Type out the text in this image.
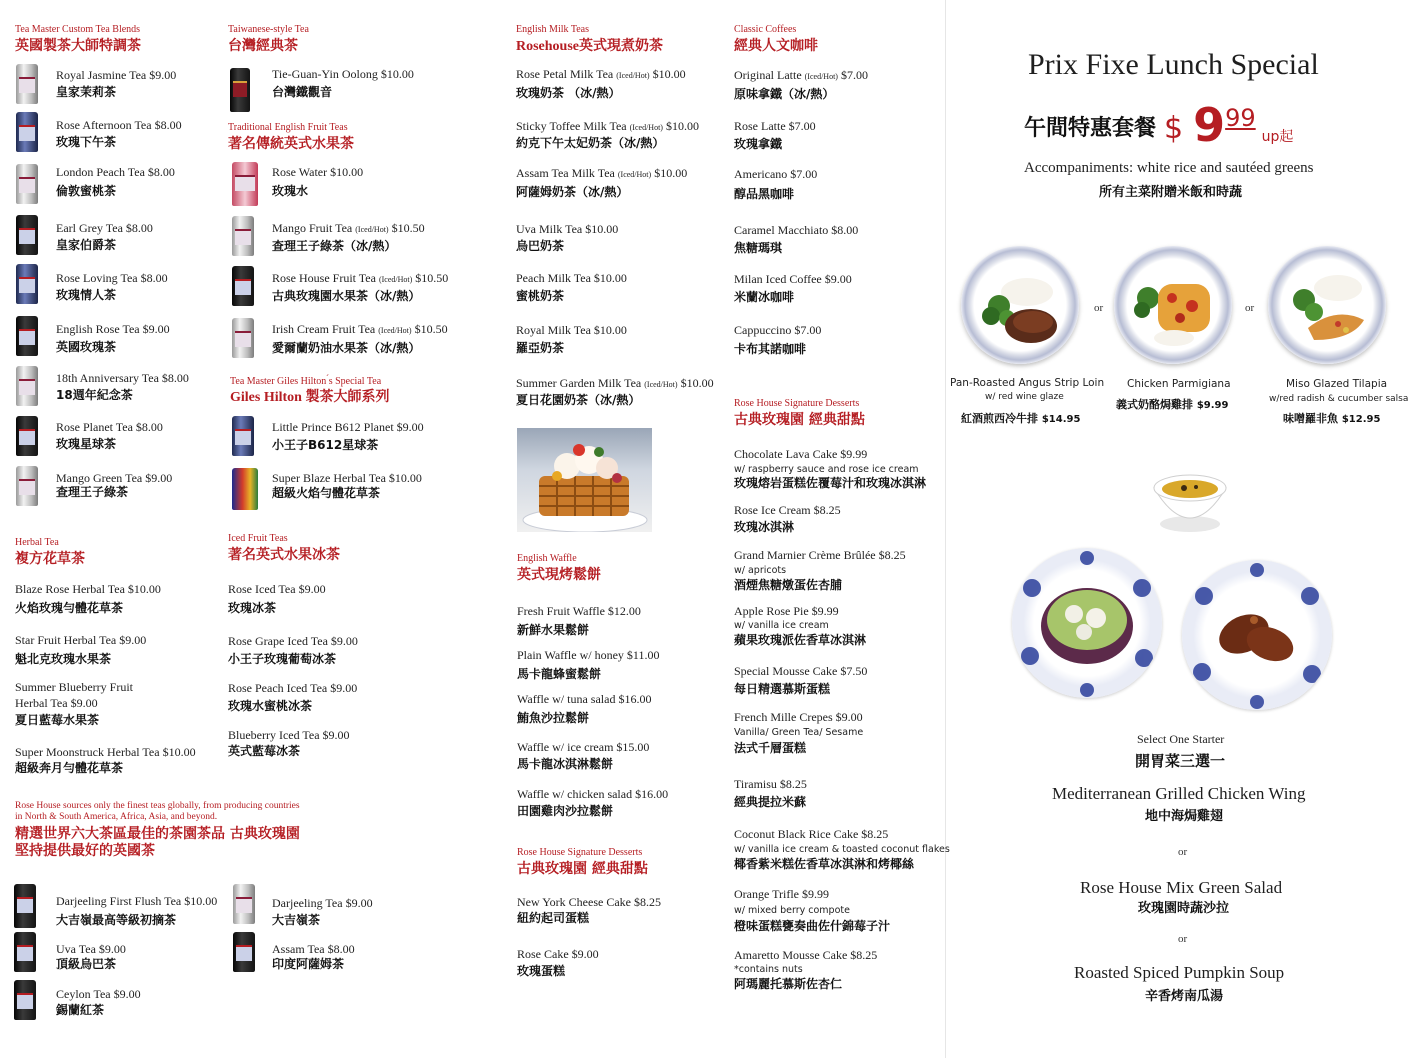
Tea Master Custom Tea Blends
英國製茶大師特調茶
Royal Jasmine Tea $9.00
皇家茉莉茶
Rose Afternoon Tea $8.00
玫瑰下午茶
London Peach Tea $8.00
倫敦蜜桃茶
Earl Grey Tea $8.00
皇家伯爵茶
Rose Loving Tea $8.00
玫瑰情人茶
English Rose Tea $9.00
英國玫瑰茶
18th Anniversary Tea $8.00
18週年紀念茶
Rose Planet Tea $8.00
玫瑰星球茶
Mango Green Tea $9.00
查理王子綠茶
Herbal Tea
複方花草茶
Blaze Rose Herbal Tea $10.00
火焰玫瑰勻體花草茶
Star Fruit Herbal Tea $9.00
魁北克玫瑰水果茶
Summer Blueberry Fruit
Herbal Tea $9.00
夏日藍莓水果茶
Super Moonstruck Herbal Tea $10.00
超級奔月勻體花草茶
Rose House sources only the finest teas globally, from producing countries
in North & South America, Africa, Asia, and beyond.
精選世界六大茶區最佳的茶園茶品 古典玫瑰園
堅持提供最好的英國茶
Darjeeling First Flush Tea $10.00
大吉嶺最高等級初摘茶
Uva Tea $9.00
頂級烏巴茶
Ceylon Tea $9.00
錫蘭紅茶
Taiwanese-style Tea
台灣經典茶
Tie-Guan-Yin Oolong $10.00
台灣鐵觀音
Traditional English Fruit Teas
著名傳統英式水果茶
Rose Water $10.00
玫瑰水
Mango Fruit Tea (Iced/Hot) $10.50
查理王子綠茶（冰/熱）
Rose House Fruit Tea (Iced/Hot) $10.50
古典玫瑰園水果茶（冰/熱）
Irish Cream Fruit Tea (Iced/Hot) $10.50
愛爾蘭奶油水果茶（冰/熱）
Tea Master Giles Hilton ́s Special Tea
Giles Hilton 製茶大師系列
Little Prince B612 Planet $9.00
小王子B612星球茶
Super Blaze Herbal Tea $10.00
超級火焰勻體花草茶
Iced Fruit Teas
著名英式水果冰茶
Rose Iced Tea $9.00
玫瑰冰茶
Rose Grape Iced Tea $9.00
小王子玫瑰葡萄冰茶
Rose Peach Iced Tea $9.00
玫瑰水蜜桃冰茶
Blueberry Iced Tea $9.00
英式藍莓冰茶
Darjeeling Tea $9.00
大吉嶺茶
Assam Tea $8.00
印度阿薩姆茶
English Milk Teas
Rosehouse英式現煮奶茶
Rose Petal Milk Tea (Iced/Hot) $10.00
玫瑰奶茶 （冰/熱）
Sticky Toffee Milk Tea (Iced/Hot) $10.00
約克下午太妃奶茶（冰/熱）
Assam Tea Milk Tea (Iced/Hot) $10.00
阿薩姆奶茶（冰/熱）
Uva Milk Tea $10.00
烏巴奶茶
Peach Milk Tea $10.00
蜜桃奶茶
Royal Milk Tea $10.00
羅亞奶茶
Summer Garden Milk Tea (Iced/Hot) $10.00
夏日花園奶茶（冰/熱）
English Waffle
英式現烤鬆餅
Fresh Fruit Waffle $12.00
新鮮水果鬆餅
Plain Waffle w/ honey $11.00
馬卡龍蜂蜜鬆餅
Waffle w/ tuna salad $16.00
鮪魚沙拉鬆餅
Waffle w/ ice cream $15.00
馬卡龍冰淇淋鬆餅
Waffle w/ chicken salad $16.00
田園雞肉沙拉鬆餅
Rose House Signature Desserts
古典玫瑰園 經典甜點
New York Cheese Cake $8.25
紐約起司蛋糕
Rose Cake $9.00
玫瑰蛋糕
Classic Coffees
經典人文咖啡
Original Latte (Iced/Hot) $7.00
原味拿鐵（冰/熱）
Rose Latte $7.00
玫瑰拿鐵
Americano $7.00
醇品黑咖啡
Caramel Macchiato $8.00
焦糖瑪琪
Milan Iced Coffee $9.00
米蘭冰咖啡
Cappuccino $7.00
卡布其諾咖啡
Rose House Signature Desserts
古典玫瑰園 經典甜點
Chocolate Lava Cake $9.99
w/ raspberry sauce and rose ice cream
玫瑰熔岩蛋糕佐覆莓汁和玫瑰冰淇淋
Rose Ice Cream $8.25
玫瑰冰淇淋
Grand Marnier Crème Brûlée $8.25
w/ apricots
酒煙焦糖燉蛋佐杏脯
Apple Rose Pie $9.99
w/ vanilla ice cream
蘋果玫瑰派佐香草冰淇淋
Special Mousse Cake $7.50
每日精選慕斯蛋糕
French Mille Crepes $9.00
Vanilla/ Green Tea/ Sesame
法式千層蛋糕
Tiramisu $8.25
經典提拉米蘇
Coconut Black Rice Cake $8.25
w/ vanilla ice cream & toasted coconut flakes
椰香紫米糕佐香草冰淇淋和烤椰絲
Orange Trifle $9.99
w/ mixed berry compote
橙味蛋糕甕奏曲佐什錦莓子汁
Amaretto Mousse Cake $8.25
*contains nuts
阿瑪麗托慕斯佐杏仁
Prix Fixe Lunch Special
午間特惠套餐 $ 9 99
up起
Accompaniments: white rice and sautéed greens
所有主菜附贈米飯和時蔬
or	or
Pan-Roasted Angus Strip Loin
w/ red wine glaze
紅酒煎西冷牛排 $14.95
Chicken Parmigiana
義式奶酪焗雞排 $9.99
Miso Glazed Tilapia
w/red radish & cucumber salsa
味噌羅非魚 $12.95
Select One Starter
開胃菜三選一
Mediterranean Grilled Chicken Wing
地中海焗雞翅
or
Rose House Mix Green Salad
玫瑰園時蔬沙拉
or
Roasted Spiced Pumpkin Soup
辛香烤南瓜湯
